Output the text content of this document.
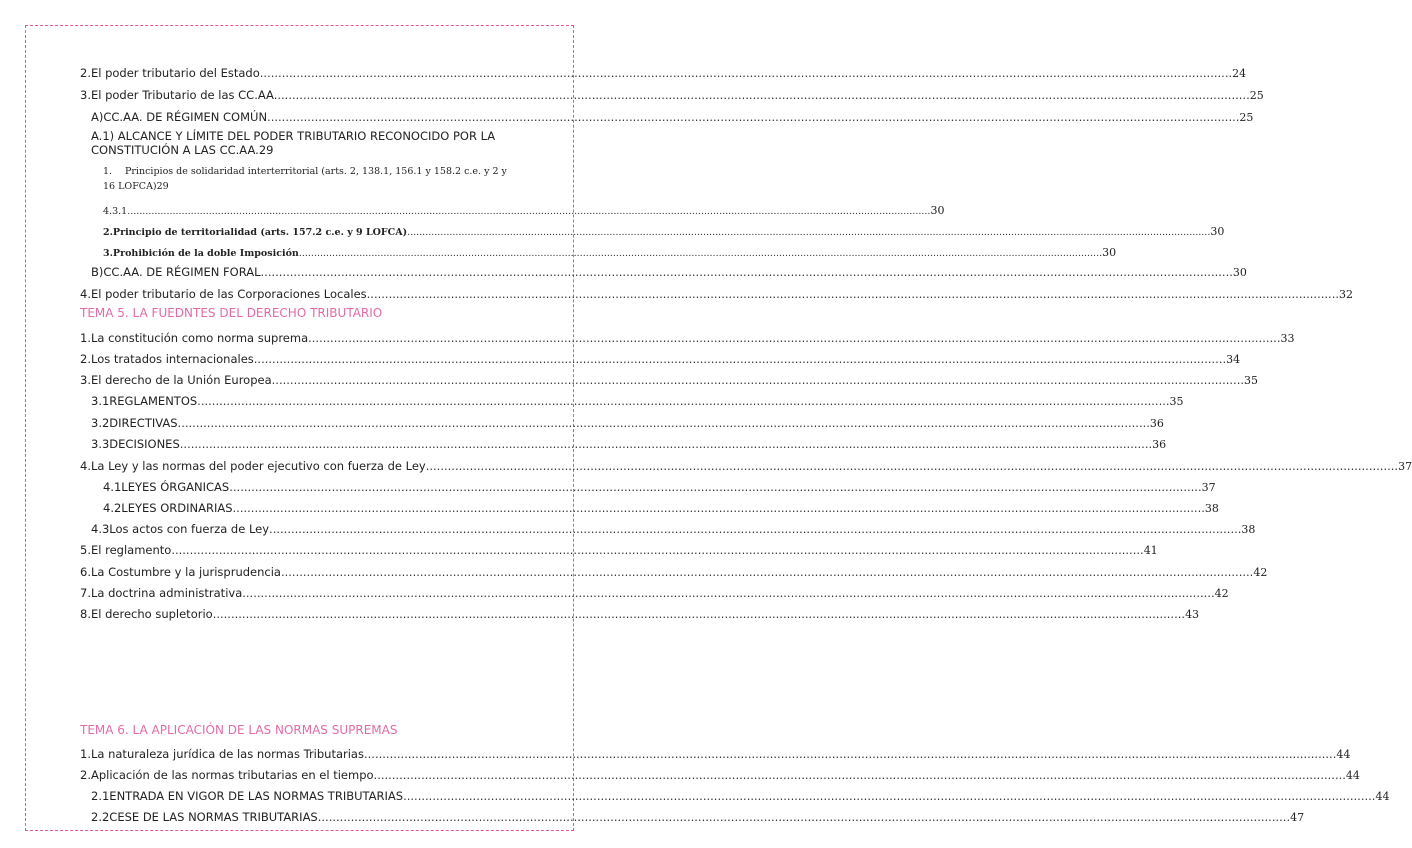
2. El poder tributario del Estado .....	24
3. El poder Tributario de las CC.AA. .....	25
A) CC.AA. DE RÉGIMEN COMÚN .....	25
A.1) ALCANCE Y LÍMITE DEL PODER TRIBUTARIO RECONOCIDO POR LA
CONSTITUCIÓN A LAS CC.AA. 29
1. Principios de solidaridad interterritorial (arts. 2, 138.1, 156.1 y 158.2 c.e. y 2 y
16 LOFCA) 29
4.3.1 .....	30
2. Principio de territorialidad (arts. 157.2 c.e. y 9 LOFCA) .....	30
3. Prohibición de la doble Imposición .....	30
B) CC.AA. DE RÉGIMEN FORAL .....	30
4. El poder tributario de las Corporaciones Locales .....	32
TEMA 5. LA FUEDNTES DEL DERECHO TRIBUTARIO
1. La constitución como norma suprema .....	33
2. Los tratados internacionales .....	34
3. El derecho de la Unión Europea .....	35
3.1 REGLAMENTOS .....	35
3.2 DIRECTIVAS .....	36
3.3 DECISIONES .....	36
4. La Ley y las normas del poder ejecutivo con fuerza de Ley .....	37
4.1 LEYES ÓRGANICAS .....	37
4.2 LEYES ORDINARIAS .....	38
4.3 Los actos con fuerza de Ley .....	38
5. El reglamento .....	41
6. La Costumbre y la jurisprudencia .....	42
7. La doctrina administrativa .....	42
8. El derecho supletorio .....	43
TEMA 6. LA APLICACIÓN DE LAS NORMAS SUPREMAS
1. La naturaleza jurídica de las normas Tributarias .....	44
2. Aplicación de las normas tributarias en el tiempo .....	44
2.1 ENTRADA EN VIGOR DE LAS NORMAS TRIBUTARIAS .....	44
2.2 CESE DE LAS NORMAS TRIBUTARIAS .....	47
